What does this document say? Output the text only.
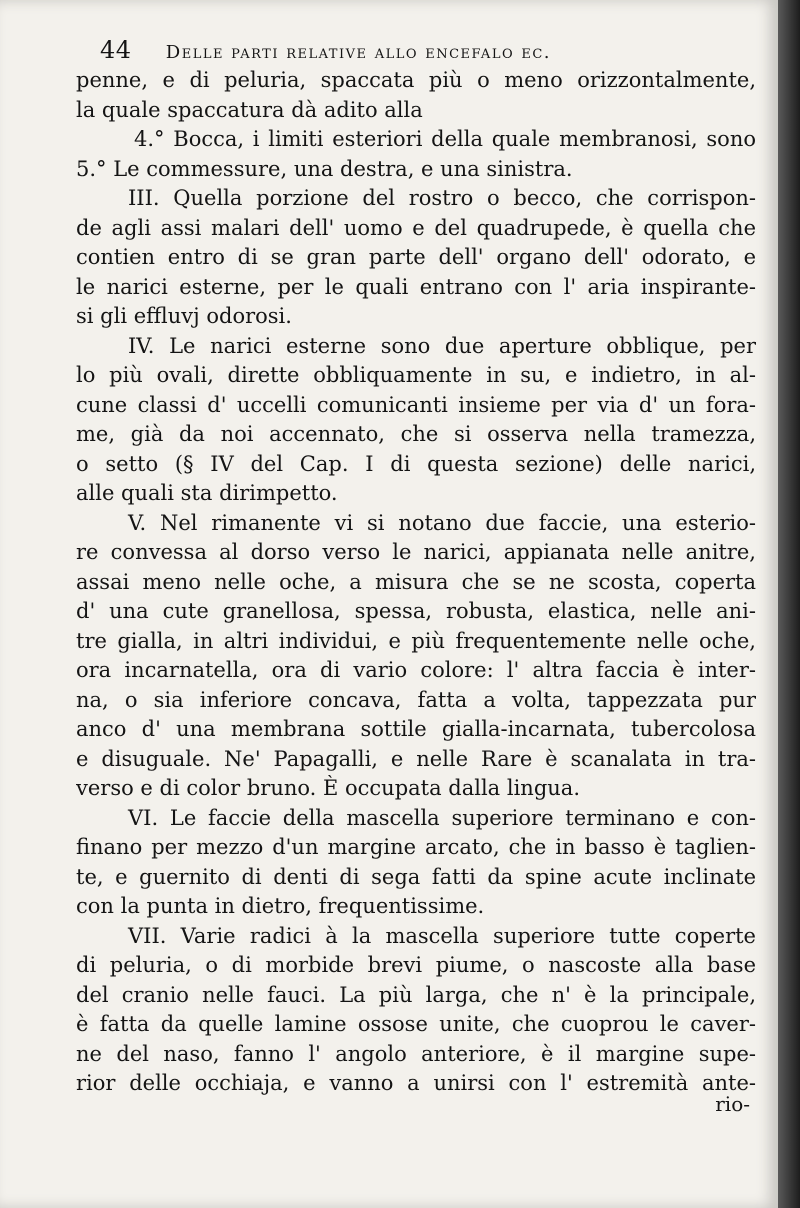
44 Delle parti relative allo encefalo ec.
penne, e di peluria, spaccata più o meno orizzontalmente,
la quale spaccatura dà adito alla
4.° Bocca, i limiti esteriori della quale membranosi, sono
5.° Le commessure, una destra, e una sinistra.
III. Quella porzione del rostro o becco, che corrispon-
de agli assi malari dell' uomo e del quadrupede, è quella che
contien entro di se gran parte dell' organo dell' odorato, e
le narici esterne, per le quali entrano con l' aria inspirante-
si gli effluvj odorosi.
IV. Le narici esterne sono due aperture obblique, per
lo più ovali, dirette obbliquamente in su, e indietro, in al-
cune classi d' uccelli comunicanti insieme per via d' un fora-
me, già da noi accennato, che si osserva nella tramezza,
o setto (§ IV del Cap. I di questa sezione) delle narici,
alle quali sta dirimpetto.
V. Nel rimanente vi si notano due faccie, una esterio-
re convessa al dorso verso le narici, appianata nelle anitre,
assai meno nelle oche, a misura che se ne scosta, coperta
d' una cute granellosa, spessa, robusta, elastica, nelle ani-
tre gialla, in altri individui, e più frequentemente nelle oche,
ora incarnatella, ora di vario colore: l' altra faccia è inter-
na, o sia inferiore concava, fatta a volta, tappezzata pur
anco d' una membrana sottile gialla-incarnata, tubercolosa
e disuguale. Ne' Papagalli, e nelle Rare è scanalata in tra-
verso e di color bruno. È occupata dalla lingua.
VI. Le faccie della mascella superiore terminano e con-
finano per mezzo d'un margine arcato, che in basso è taglien-
te, e guernito di denti di sega fatti da spine acute inclinate
con la punta in dietro, frequentissime.
VII. Varie radici à la mascella superiore tutte coperte
di peluria, o di morbide brevi piume, o nascoste alla base
del cranio nelle fauci. La più larga, che n' è la principale,
è fatta da quelle lamine ossose unite, che cuoprou le caver-
ne del naso, fanno l' angolo anteriore, è il margine supe-
rior delle occhiaja, e vanno a unirsi con l' estremità ante-
rio-
